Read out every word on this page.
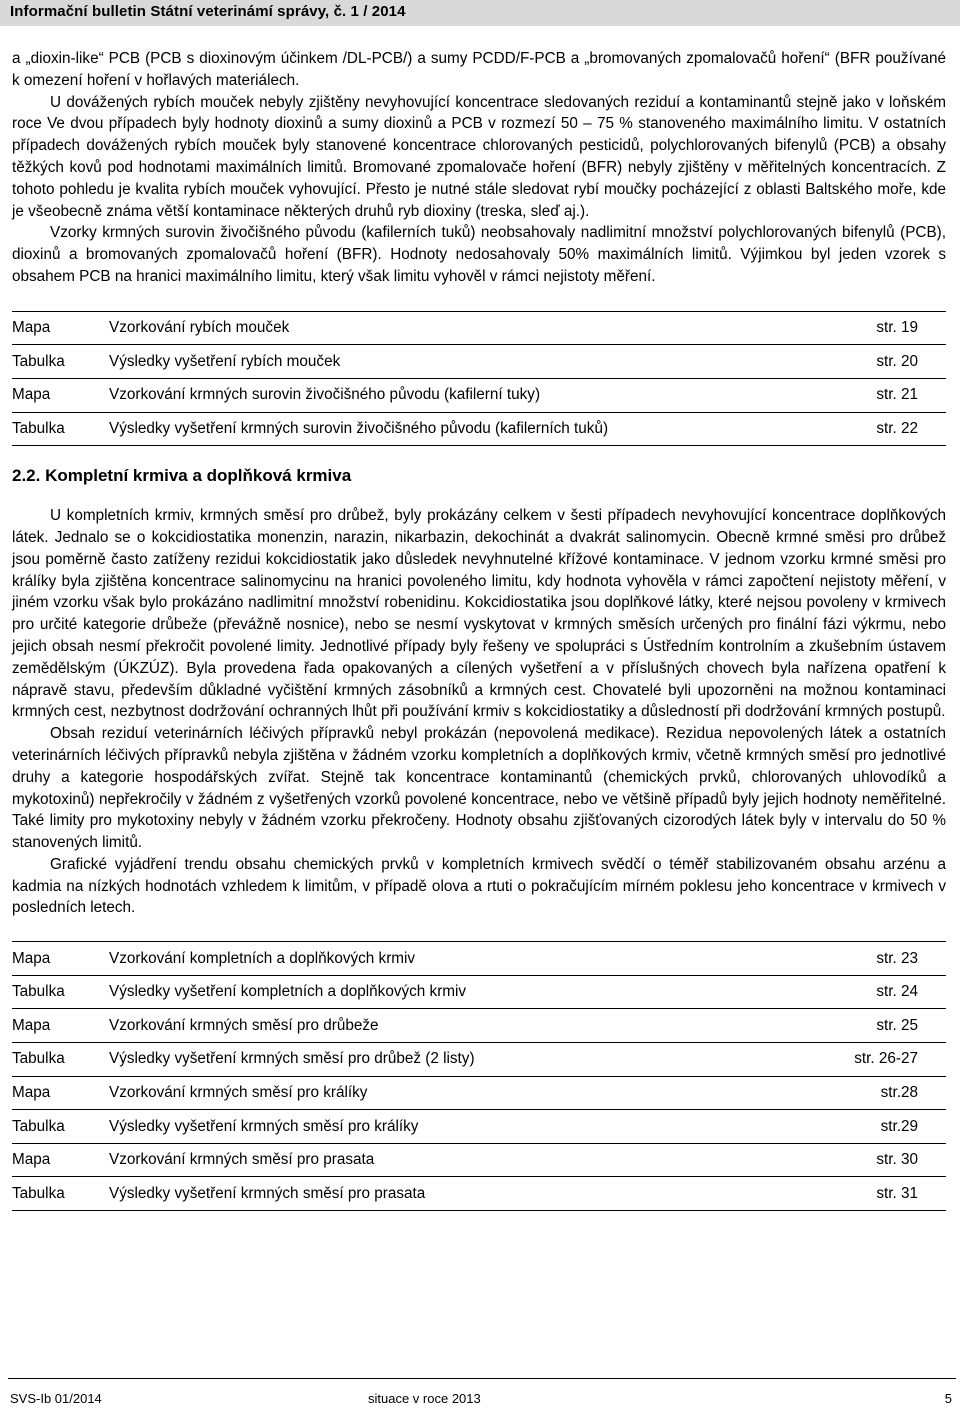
Informační bulletin Státní veterinámí správy, č. 1 / 2014

a „dioxin-like“ PCB (PCB s dioxinovým účinkem /DL-PCB/) a sumy PCDD/F-PCB a „bromovaných zpomalovačů hoření“ (BFR používané k omezení hoření v hořlavých materiálech.

U dovážených rybích mouček nebyly zjištěny nevyhovující koncentrace sledovaných reziduí a kontaminantů stejně jako v loňském roce Ve dvou případech byly hodnoty dioxinů a sumy dioxinů a PCB v rozmezí 50 – 75 % stanoveného maximálního limitu. V ostatních případech dovážených rybích mouček byly stanovené koncentrace chlorovaných pesticidů, polychlorovaných bifenylů (PCB) a obsahy těžkých kovů pod hodnotami maximálních limitů. Bromované zpomalovače hoření (BFR) nebyly zjištěny v měřitelných koncentracích. Z tohoto pohledu je kvalita rybích mouček vyhovující. Přesto je nutné stále sledovat rybí moučky pocházející z oblasti Baltského moře, kde je všeobecně známa větší kontaminace některých druhů ryb dioxiny (treska, sleď aj.).

Vzorky krmných surovin živočišného původu (kafilerních tuků) neobsahovaly nadlimitní množství polychlorovaných bifenylů (PCB), dioxinů a bromovaných zpomalovačů hoření (BFR). Hodnoty nedosahovaly 50% maximálních limitů. Výjimkou byl jeden vzorek s obsahem PCB na hranici maximálního limitu, který však limitu vyhověl v rámci nejistoty měření.

Mapa	Vzorkování rybích mouček	str. 19
Tabulka	Výsledky vyšetření rybích mouček	str. 20
Mapa	Vzorkování krmných surovin živočišného původu (kafilerní tuky)	str. 21
Tabulka	Výsledky vyšetření krmných surovin živočišného původu (kafilerních tuků)	str. 22
2.2. Kompletní krmiva a doplňková krmiva

U kompletních krmiv, krmných směsí pro drůbež, byly prokázány celkem v šesti případech nevyhovující koncentrace doplňkových látek. Jednalo se o kokcidiostatika monenzin, narazin, nikarbazin, dekochinát a dvakrát salinomycin. Obecně krmné směsi pro drůbež jsou poměrně často zatíženy rezidui kokcidiostatik jako důsledek nevyhnutelné křížové kontaminace. V jednom vzorku krmné směsi pro králíky byla zjištěna koncentrace salinomycinu na hranici povoleného limitu, kdy hodnota vyhověla v rámci započtení nejistoty měření, v jiném vzorku však bylo prokázáno nadlimitní množství robenidinu. Kokcidiostatika jsou doplňkové látky, které nejsou povoleny v krmivech pro určité kategorie drůbeže (převážně nosnice), nebo se nesmí vyskytovat v krmných směsích určených pro finální fázi výkrmu, nebo jejich obsah nesmí překročit povolené limity. Jednotlivé případy byly řešeny ve spolupráci s Ústředním kontrolním a zkušebním ústavem zemědělským (ÚKZÚZ). Byla provedena řada opakovaných a cílených vyšetření a v příslušných chovech byla nařízena opatření k nápravě stavu, především důkladné vyčištění krmných zásobníků a krmných cest. Chovatelé byli upozorněni na možnou kontaminaci krmných cest, nezbytnost dodržování ochranných lhůt při používání krmiv s kokcidiostatiky a důsledností při dodržování krmných postupů.

Obsah reziduí veterinárních léčivých přípravků nebyl prokázán (nepovolená medikace). Rezidua nepovolených látek a ostatních veterinárních léčivých přípravků nebyla zjištěna v žádném vzorku kompletních a doplňkových krmiv, včetně krmných směsí pro jednotlivé druhy a kategorie hospodářských zvířat. Stejně tak koncentrace kontaminantů (chemických prvků, chlorovaných uhlovodíků a mykotoxinů) nepřekročily v žádném z vyšetřených vzorků povolené koncentrace, nebo ve většině případů byly jejich hodnoty neměřitelné. Také limity pro mykotoxiny nebyly v žádném vzorku překročeny. Hodnoty obsahu zjišťovaných cizorodých látek byly v intervalu do 50 % stanovených limitů.

Grafické vyjádření trendu obsahu chemických prvků v kompletních krmivech svědčí o téměř stabilizovaném obsahu arzénu a kadmia na nízkých hodnotách vzhledem k limitům, v případě olova a rtuti o pokračujícím mírném poklesu jeho koncentrace v krmivech v posledních letech.

Mapa	Vzorkování kompletních a doplňkových krmiv	str. 23
Tabulka	Výsledky vyšetření kompletních a doplňkových krmiv	str. 24
Mapa	Vzorkování krmných směsí pro drůbeže	str. 25
Tabulka	Výsledky vyšetření krmných směsí pro drůbež (2 listy)	str. 26-27
Mapa	Vzorkování krmných směsí pro králíky	str.28
Tabulka	Výsledky vyšetření krmných směsí pro králíky	str.29
Mapa	Vzorkování krmných směsí pro prasata	str. 30
Tabulka	Výsledky vyšetření krmných směsí pro prasata	str. 31
SVS-Ib 01/2014	situace v roce 2013	5
